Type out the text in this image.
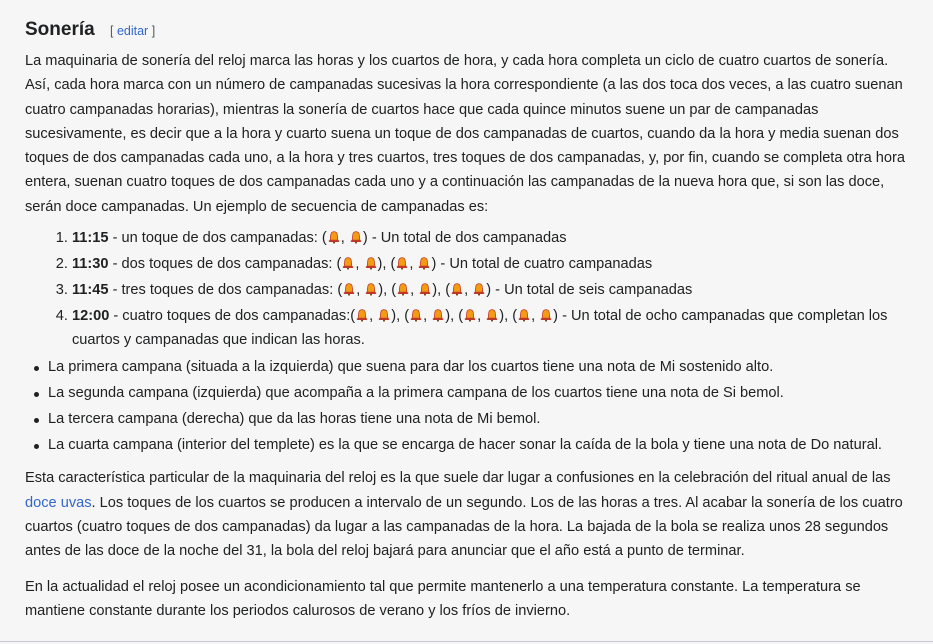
Sonería [ editar ]

La maquinaria de sonería del reloj marca las horas y los cuartos de hora, y cada hora completa un ciclo de cuatro cuartos de sonería. Así, cada hora marca con un número de campanadas sucesivas la hora correspondiente (a las dos toca dos veces, a las cuatro suenan cuatro campanadas horarias), mientras la sonería de cuartos hace que cada quince minutos suene un par de campanadas sucesivamente, es decir que a la hora y cuarto suena un toque de dos campanadas de cuartos, cuando da la hora y media suenan dos toques de dos campanadas cada uno, a la hora y tres cuartos, tres toques de dos campanadas, y, por fin, cuando se completa otra hora entera, suenan cuatro toques de dos campanadas cada uno y a continuación las campanadas de la nueva hora que, si son las doce, serán doce campanadas. Un ejemplo de secuencia de campanadas es:

1. 11:15 - un toque de dos campanadas: ( , ) - Un total de dos campanadas
2. 11:30 - dos toques de dos campanadas: ( , ), ( , ) - Un total de cuatro campanadas
3. 11:45 - tres toques de dos campanadas: ( , ), ( , ), ( , ) - Un total de seis campanadas
4. 12:00 - cuatro toques de dos campanadas:( , ), ( , ), ( , ), ( , ) - Un total de ocho campanadas que completan los cuartos y campanadas que indican las horas.
La primera campana (situada a la izquierda) que suena para dar los cuartos tiene una nota de Mi sostenido alto.
La segunda campana (izquierda) que acompaña a la primera campana de los cuartos tiene una nota de Si bemol.
La tercera campana (derecha) que da las horas tiene una nota de Mi bemol.
La cuarta campana (interior del templete) es la que se encarga de hacer sonar la caída de la bola y tiene una nota de Do natural.

Esta característica particular de la maquinaria del reloj es la que suele dar lugar a confusiones en la celebración del ritual anual de las doce uvas. Los toques de los cuartos se producen a intervalo de un segundo. Los de las horas a tres. Al acabar la sonería de los cuatro cuartos (cuatro toques de dos campanadas) da lugar a las campanadas de la hora. La bajada de la bola se realiza unos 28 segundos antes de las doce de la noche del 31, la bola del reloj bajará para anunciar que el año está a punto de terminar.

En la actualidad el reloj posee un acondicionamiento tal que permite mantenerlo a una temperatura constante. La temperatura se mantiene constante durante los periodos calurosos de verano y los fríos de invierno.
